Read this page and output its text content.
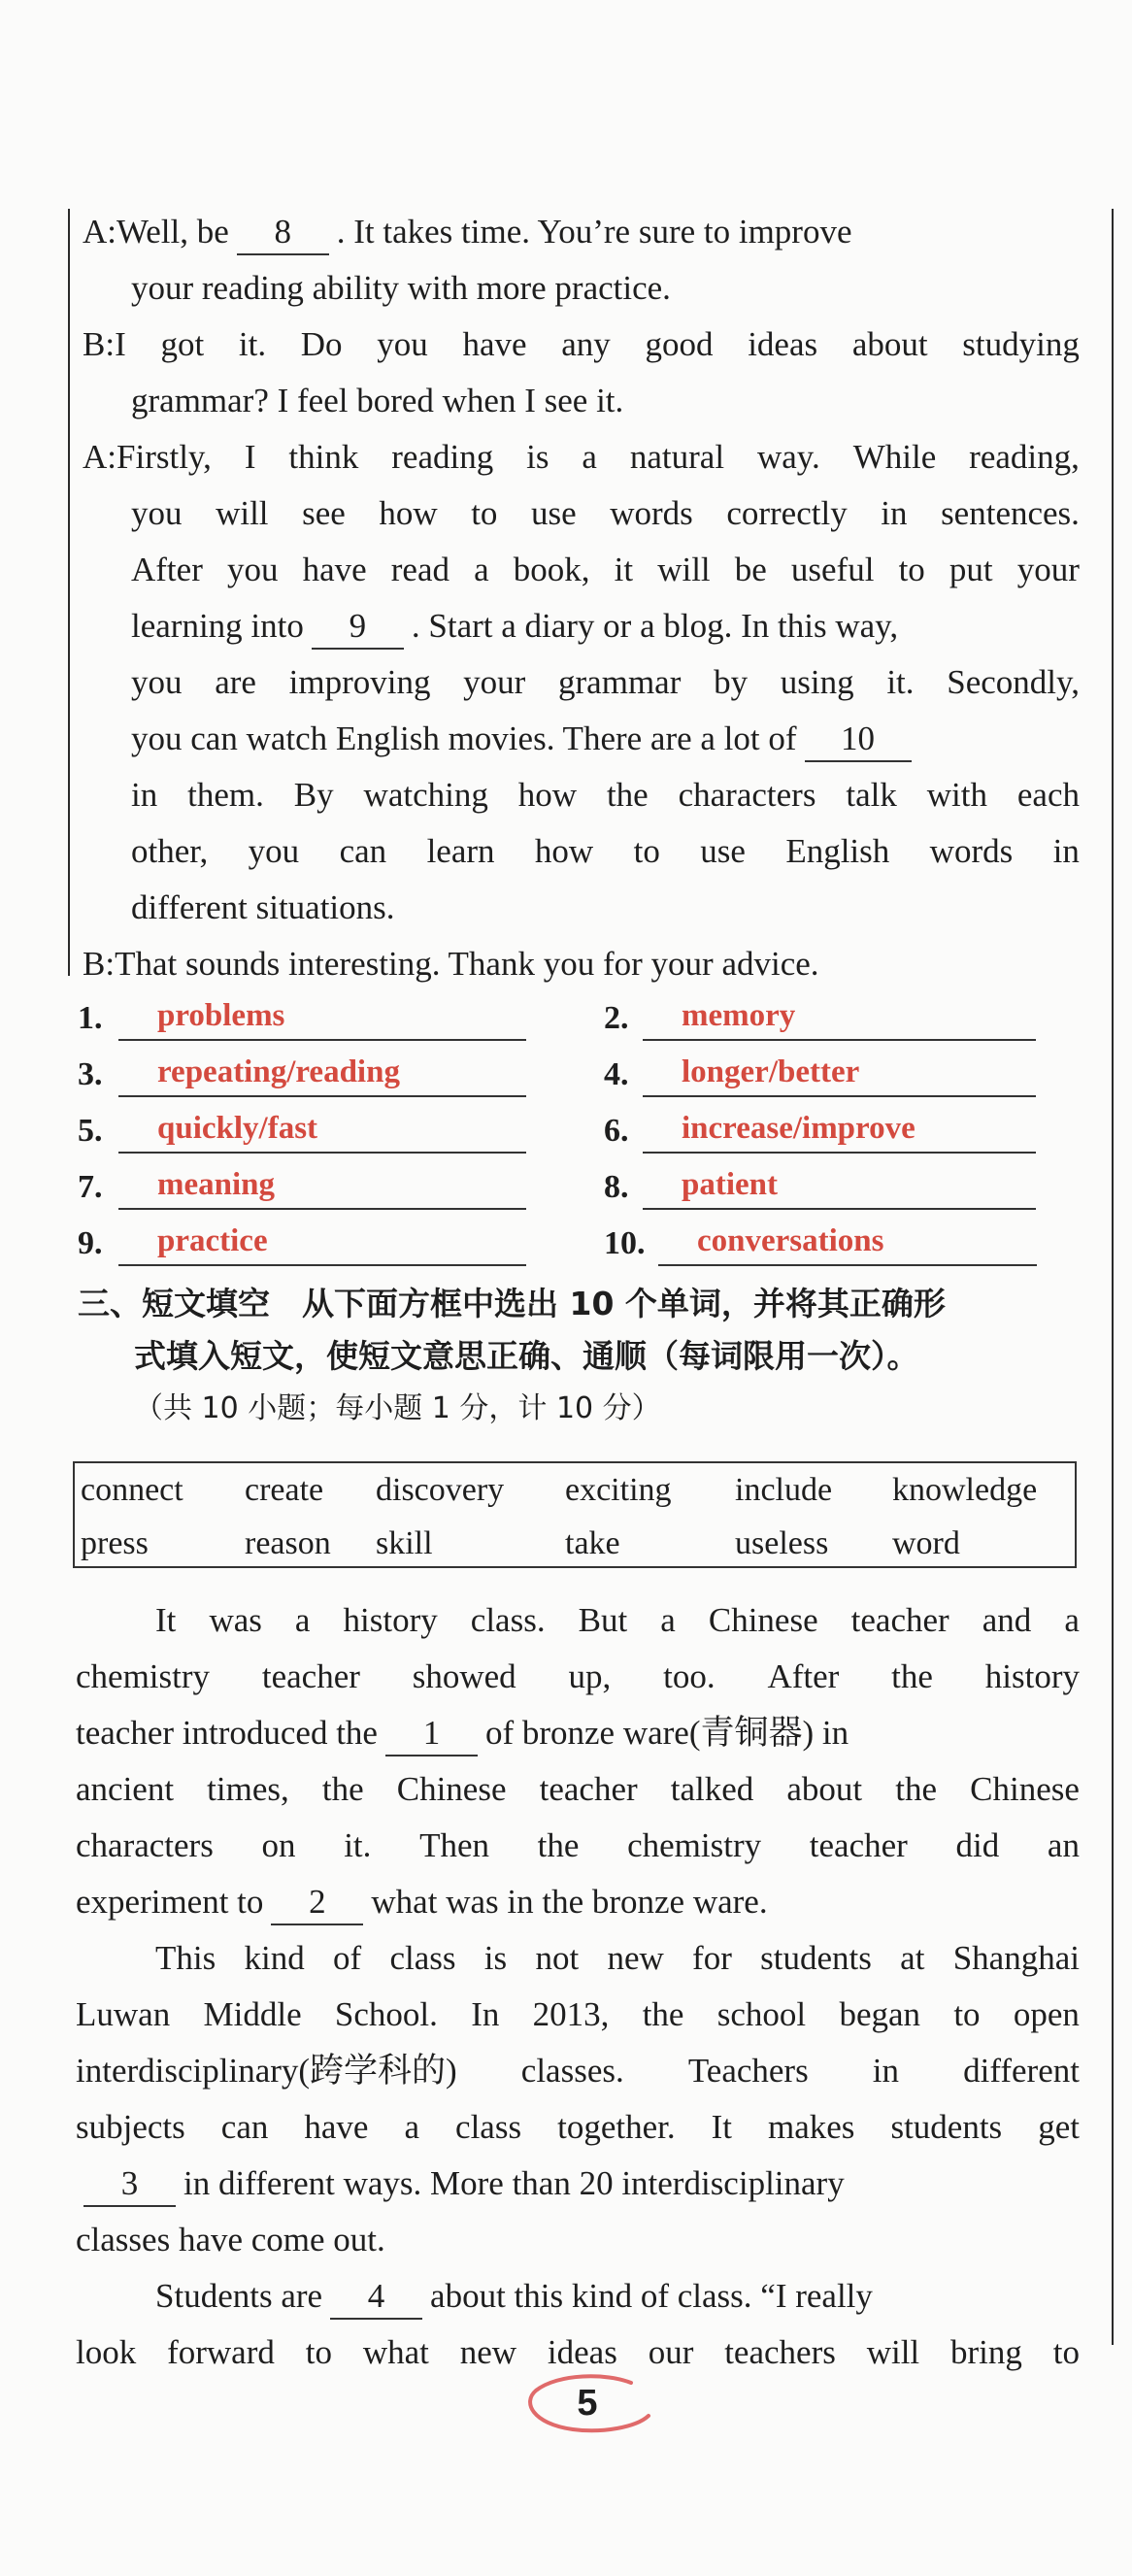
A:Well, be 8 . It takes time. You’re sure to improve
your reading ability with more practice.
B:I got it. Do you have any good ideas about studying
grammar? I feel bored when I see it.
A:Firstly, I think reading is a natural way. While reading,
you will see how to use words correctly in sentences.
After you have read a book, it will be useful to put your
learning into 9 . Start a diary or a blog. In this way,
you are improving your grammar by using it. Secondly,
you can watch English movies. There are a lot of 10
in them. By watching how the characters talk with each
other, you can learn how to use English words in
different situations.
B:That sounds interesting. Thank you for your advice.
1.	problems	2.	memory
3.	repeating/reading	4.	longer/better
5.	quickly/fast	6.	increase/improve
7.	meaning	8.	patient
9.	practice	10.	conversations
三、短文填空　从下面方框中选出 10 个单词，并将其正确形
式填入短文，使短文意思正确、通顺（每词限用一次）。
（共 10 小题；每小题 1 分，计 10 分）
connect create discovery exciting include knowledge
press	reason skill	take	useless word
It was a history class. But a Chinese teacher and a
chemistry teacher showed up, too. After the history
teacher introduced the 1 of bronze ware(青铜器) in
ancient times, the Chinese teacher talked about the Chinese
characters on it. Then the chemistry teacher did an
experiment to 2 what was in the bronze ware.
This kind of class is not new for students at Shanghai
Luwan Middle School. In 2013, the school began to open
interdisciplinary(跨学科的) classes. Teachers in different
subjects can have a class together. It makes students get
3 in different ways. More than 20 interdisciplinary
classes have come out.
Students are 4 about this kind of class. “I really
look forward to what new ideas our teachers will bring to
5
